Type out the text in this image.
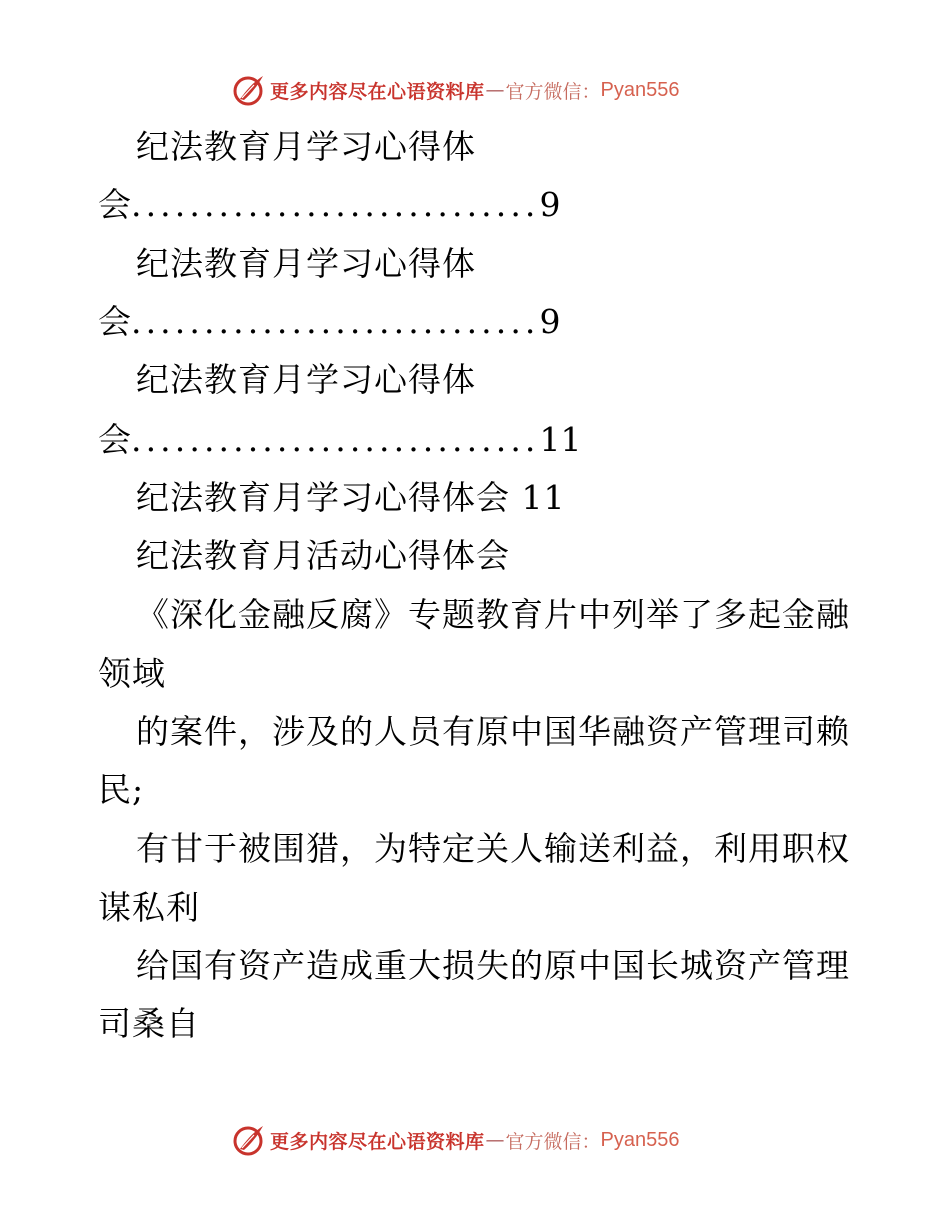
更多内容尽在心语资料库 — 官方微信： Pyan556
纪法教育月学习心得体
会............................9
纪法教育月学习心得体
会............................9
纪法教育月学习心得体
会............................11
纪法教育月学习心得体会 11
纪法教育月活动心得体会
《深化金融反腐》专题教育片中列举了多起金融
领域
的案件，涉及的人员有原中国华融资产管理司赖
民;
有甘于被围猎，为特定关人输送利益，利用职权
谋私利
给国有资产造成重大损失的原中国长城资产管理
司桑自
更多内容尽在心语资料库 — 官方微信： Pyan556
